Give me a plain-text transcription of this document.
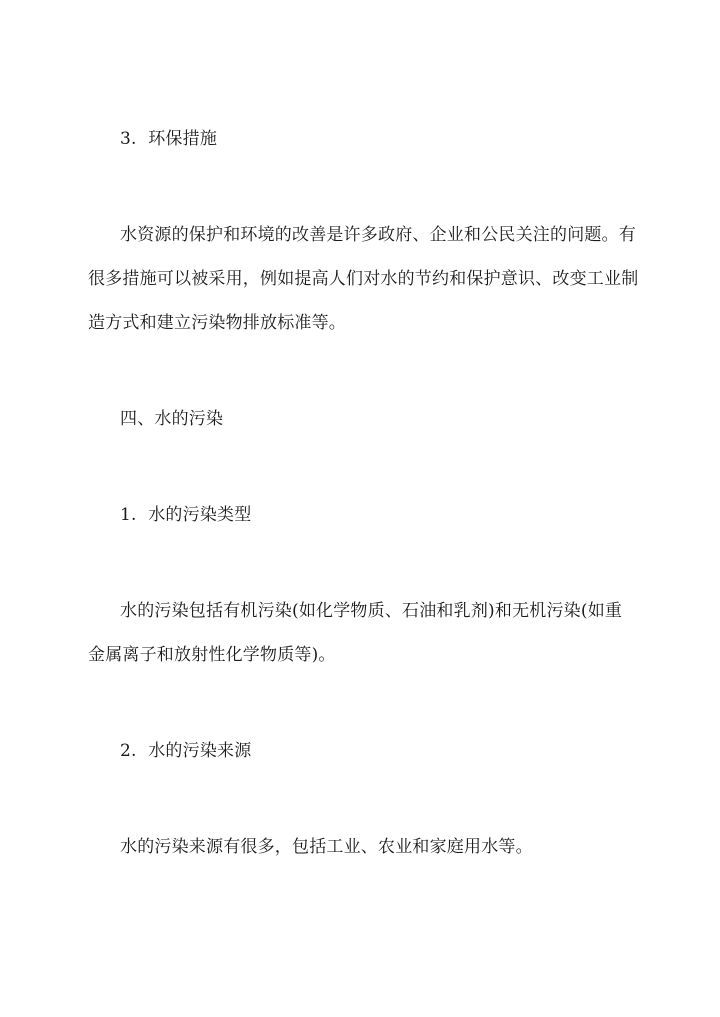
3. 环保措施
水资源的保护和环境的改善是许多政府、企业和公民关注的问题。有
很多措施可以被采用，例如提高人们对水的节约和保护意识、改变工业制
造方式和建立污染物排放标准等。
四、水的污染
1. 水的污染类型
水的污染包括有机污染(如化学物质、石油和乳剂)和无机污染(如重
金属离子和放射性化学物质等)。
2. 水的污染来源
水的污染来源有很多，包括工业、农业和家庭用水等。
